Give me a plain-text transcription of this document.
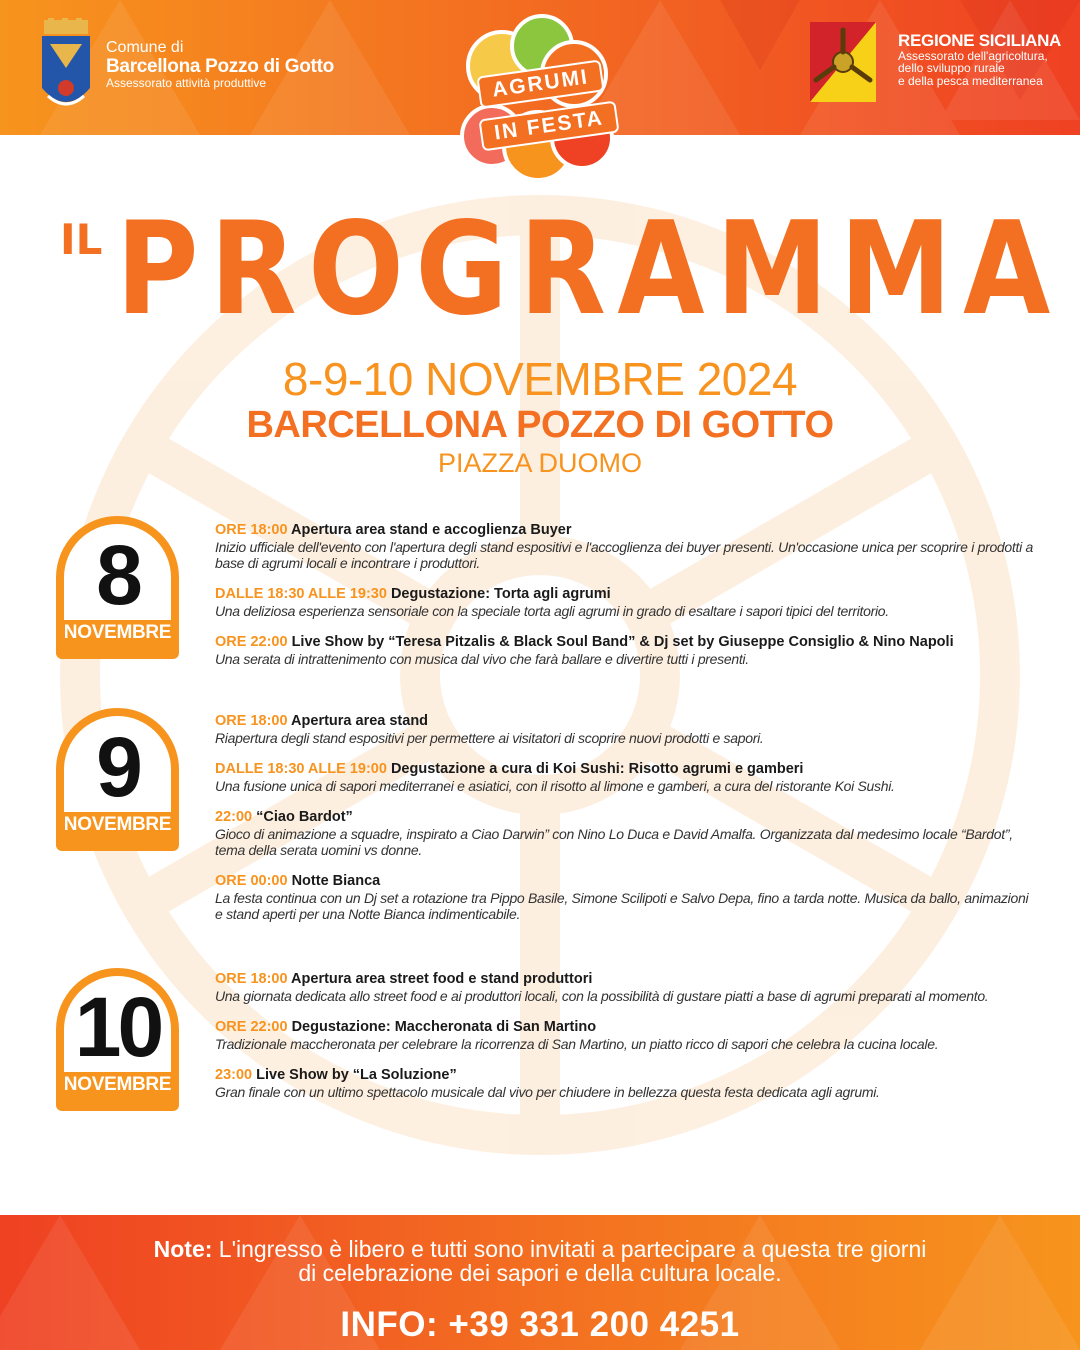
Comune di
Barcellona Pozzo di Gotto
Assessorato attività produttive
REGIONE SICILIANA
Assessorato dell'agricoltura,
dello sviluppo rurale
e della pesca mediterranea
AGRUMI
IN FESTA
IL PROGRAMMA
8-9-10 NOVEMBRE 2024
BARCELLONA POZZO DI GOTTO
PIAZZA DUOMO
8
NOVEMBRE
ORE 18:00 Apertura area stand e accoglienza Buyer
Inizio ufficiale dell'evento con l'apertura degli stand espositivi e l'accoglienza dei buyer presenti. Un'occasione unica per scoprire i prodotti a base di agrumi locali e incontrare i produttori.
DALLE 18:30 ALLE 19:30 Degustazione: Torta agli agrumi
Una deliziosa esperienza sensoriale con la speciale torta agli agrumi in grado di esaltare i sapori tipici del territorio.
ORE 22:00 Live Show by “Teresa Pitzalis & Black Soul Band” & Dj set by Giuseppe Consiglio & Nino Napoli
Una serata di intrattenimento con musica dal vivo che farà ballare e divertire tutti i presenti.
9
NOVEMBRE
ORE 18:00 Apertura area stand
Riapertura degli stand espositivi per permettere ai visitatori di scoprire nuovi prodotti e sapori.
DALLE 18:30 ALLE 19:00 Degustazione a cura di Koi Sushi: Risotto agrumi e gamberi
Una fusione unica di sapori mediterranei e asiatici, con il risotto al limone e gamberi, a cura del ristorante Koi Sushi.
22:00 “Ciao Bardot”
Gioco di animazione a squadre, inspirato a Ciao Darwin” con Nino Lo Duca e David Amalfa. Organizzata dal medesimo locale “Bardot”, tema della serata uomini vs donne.
ORE 00:00 Notte Bianca
La festa continua con un Dj set a rotazione tra Pippo Basile, Simone Scilipoti e Salvo Depa, fino a tarda notte. Musica da ballo, animazioni e stand aperti per una Notte Bianca indimenticabile.
10
NOVEMBRE
ORE 18:00 Apertura area street food e stand produttori
Una giornata dedicata allo street food e ai produttori locali, con la possibilità di gustare piatti a base di agrumi preparati al momento.
ORE 22:00 Degustazione: Maccheronata di San Martino
Tradizionale maccheronata per celebrare la ricorrenza di San Martino, un piatto ricco di sapori che celebra la cucina locale.
23:00 Live Show by “La Soluzione”
Gran finale con un ultimo spettacolo musicale dal vivo per chiudere in bellezza questa festa dedicata agli agrumi.
Note: L'ingresso è libero e tutti sono invitati a partecipare a questa tre giorni di celebrazione dei sapori e della cultura locale.
INFO: +39 331 200 4251
